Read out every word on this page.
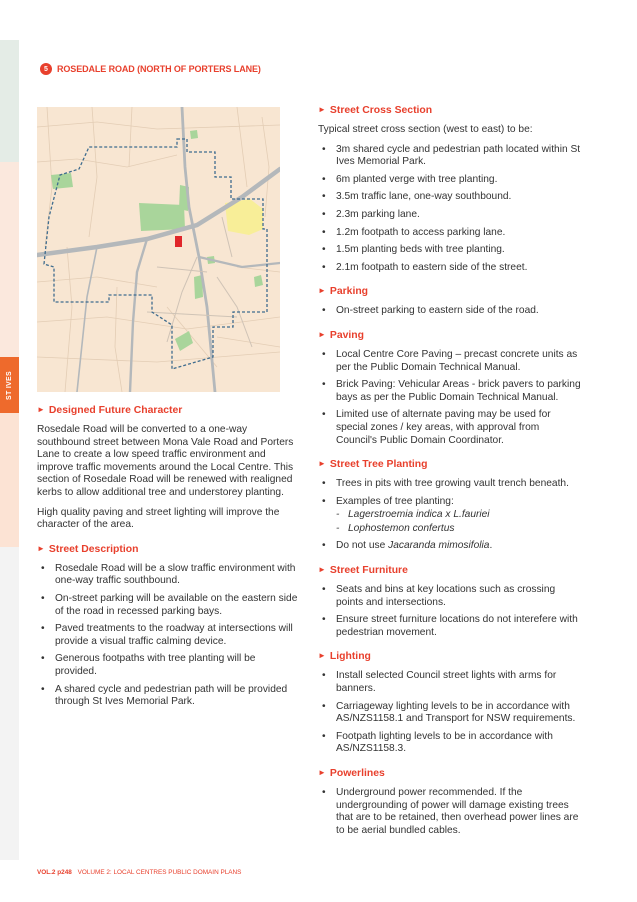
ST IVES
5	ROSEDALE ROAD (NORTH OF PORTERS LANE)
► Designed Future Character

Rosedale Road will be converted to a one-way southbound street between Mona Vale Road and Porters Lane to create a low speed traffic environment and improve traffic movements around the Local Centre. This section of Rosedale Road will be renewed with realigned kerbs to allow additional tree and understorey planting.

High quality paving and street lighting will improve the character of the area.

► Street Description
• Rosedale Road will be a slow traffic environment with one-way traffic southbound.
• On-street parking will be available on the eastern side of the road in recessed parking bays.
• Paved treatments to the roadway at intersections will provide a visual traffic calming device.
• Generous footpaths with tree planting will be provided.
• A shared cycle and pedestrian path will be provided through St Ives Memorial Park.
► Street Cross Section

Typical street cross section (west to east) to be:

• 3m shared cycle and pedestrian path located within St Ives Memorial Park.
• 6m planted verge with tree planting.
• 3.5m traffic lane, one-way southbound.
• 2.3m parking lane.
• 1.2m footpath to access parking lane.
• 1.5m planting beds with tree planting.
• 2.1m footpath to eastern side of the street.
► Parking
• On-street parking to eastern side of the road.
► Paving
• Local Centre Core Paving – precast concrete units as per the Public Domain Technical Manual.
• Brick Paving: Vehicular Areas - brick pavers to parking bays as per the Public Domain Technical Manual.
• Limited use of alternate paving may be used for special zones / key areas, with approval from Council's Public Domain Coordinator.
► Street Tree Planting
• Trees in pits with tree growing vault trench beneath.
• Examples of tree planting:
- Lagerstroemia indica x L.fauriei
- Lophostemon confertus
• Do not use Jacaranda mimosifolia.
► Street Furniture
• Seats and bins at key locations such as crossing points and intersections.
• Ensure street furniture locations do not interefere with pedestrian movement.
► Lighting
• Install selected Council street lights with arms for banners.
• Carriageway lighting levels to be in accordance with AS/NZS1158.1 and Transport for NSW requirements.
• Footpath lighting levels to be in accordance with AS/NZS1158.3.
► Powerlines
• Underground power recommended. If the undergrounding of power will damage existing trees that are to be retained, then overhead power lines are to be aerial bundled cables.
VOL.2 p248 VOLUME 2: LOCAL CENTRES PUBLIC DOMAIN PLANS
